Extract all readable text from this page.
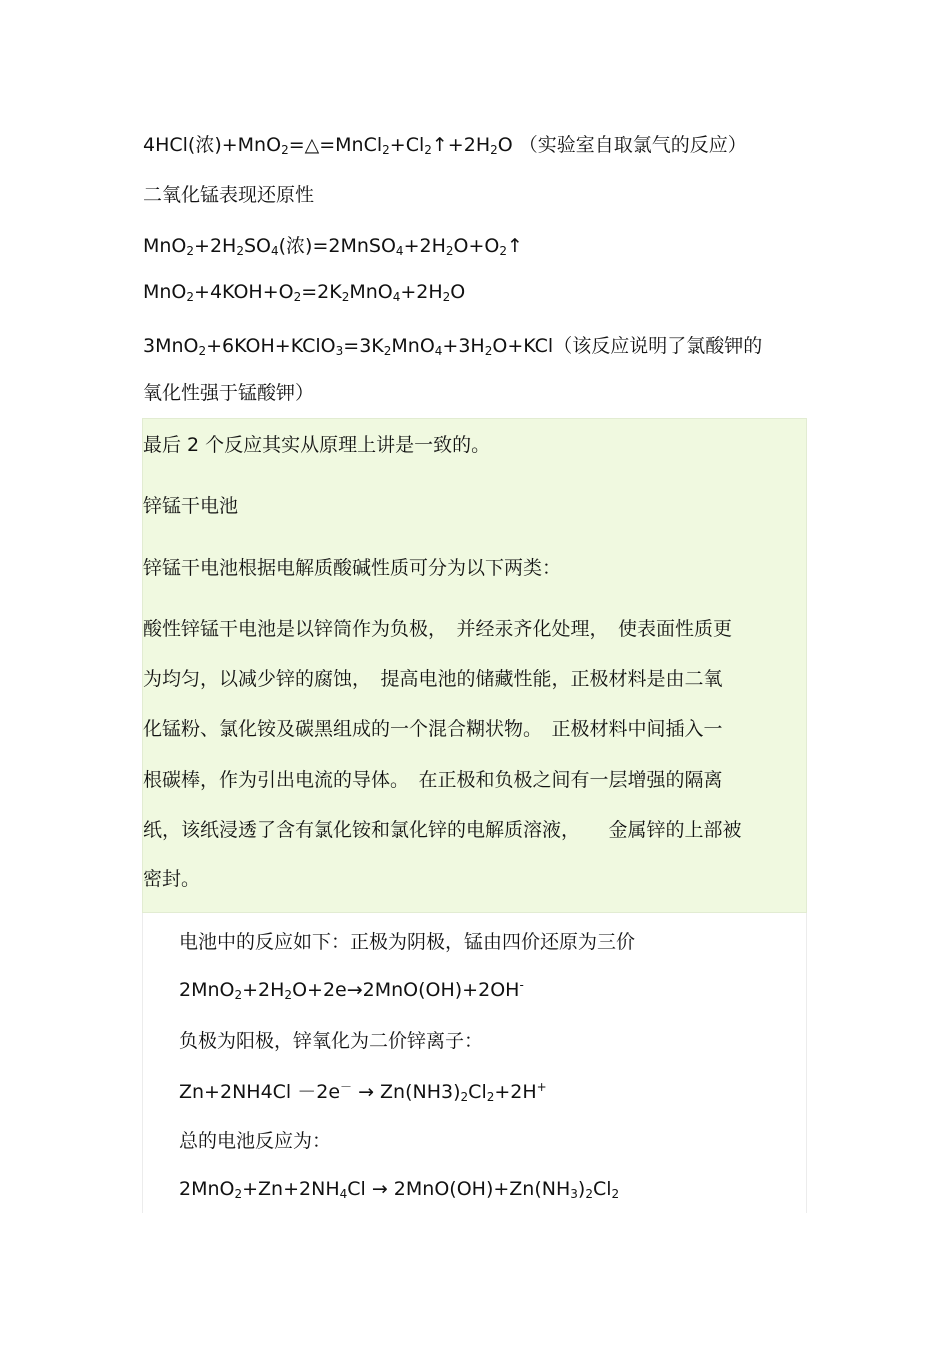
4HCl(浓)$+MnO_2=\triangle=MnCl_2+Cl_2↑+2H_2O$ （实验室自取氯气的反应）
二氧化锰表现还原性
$MnO_2+2H_2SO_4$(浓)$=2MnSO_4+2H_2O+O_2↑$
$MnO_2+4KOH+O_2=2K_2MnO_4+2H_2O$
$3MnO_2+6KOH+KClO_3=3K_2MnO_4+3H_2O+KCl$（该反应说明了氯酸钾的
氧化性强于锰酸钾）
最后 2 个反应其实从原理上讲是一致的。
锌锰干电池
锌锰干电池根据电解质酸碱性质可分为以下两类：
酸性锌锰干电池是以锌筒作为负极，　并经汞齐化处理，　使表面性质更
为均匀，以减少锌的腐蚀，　提高电池的储藏性能，正极材料是由二氧
化锰粉、氯化铵及碳黑组成的一个混合糊状物。　正极材料中间插入一
根碳棒，作为引出电流的导体。　在正极和负极之间有一层增强的隔离
纸，该纸浸透了含有氯化铵和氯化锌的电解质溶液，　　金属锌的上部被
密封。
电池中的反应如下：正极为阴极，锰由四价还原为三价
$2MnO_2+2H_2O+2e\to 2MnO(OH)+2OH^-$
负极为阳极，锌氧化为二价锌离子：
$Zn+2NH4Cl -2e^- \to Zn(NH3)_2Cl_2+2H^+$
总的电池反应为：
$2MnO_2+Zn+2NH_4Cl \to 2MnO(OH)+Zn(NH_3)_2Cl_2$
